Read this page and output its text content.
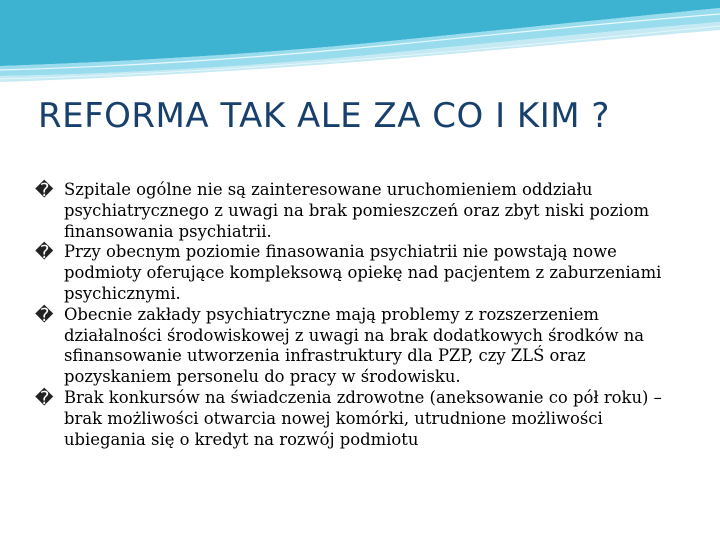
REFORMA TAK ALE ZA CO I KIM ?

� Szpitale ogólne nie są zainteresowane uruchomieniem oddziału psychiatrycznego z uwagi na brak pomieszczeń oraz zbyt niski poziom finansowania psychiatrii.

� Przy obecnym poziomie finasowania psychiatrii nie powstają nowe podmioty oferujące kompleksową opiekę nad pacjentem z zaburzeniami psychicznymi.

� Obecnie zakłady psychiatryczne mają problemy z rozszerzeniem działalności środowiskowej z uwagi na brak dodatkowych środków na sfinansowanie utworzenia infrastruktury dla PZP, czy ZLŚ oraz pozyskaniem personelu do pracy w środowisku.

� Brak konkursów na świadczenia zdrowotne (aneksowanie co pół roku) – brak możliwości otwarcia nowej komórki, utrudnione możliwości ubiegania się o kredyt na rozwój podmiotu
